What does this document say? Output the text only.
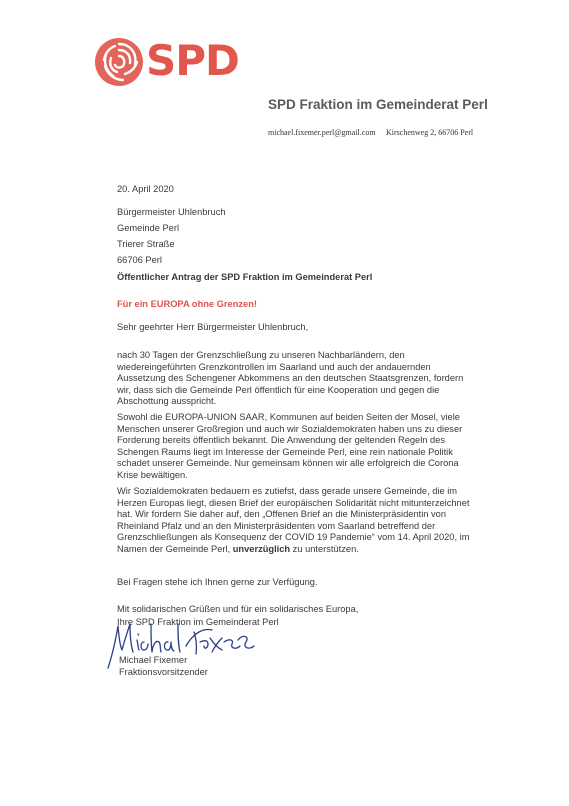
SPD
SPD Fraktion im Gemeinderat Perl
michael.fixemer.perl@gmail.com Kirschenweg 2, 66706 Perl
20. April 2020
Bürgermeister Uhlenbruch
Gemeinde Perl
Trierer Straße
66706 Perl
Öffentlicher Antrag der SPD Fraktion im Gemeinderat Perl
Für ein EUROPA ohne Grenzen!
Sehr geehrter Herr Bürgermeister Uhlenbruch,
nach 30 Tagen der Grenzschließung zu unseren Nachbarländern, den
wiedereingeführten Grenzkontrollen im Saarland und auch der andauernden
Aussetzung des Schengener Abkommens an den deutschen Staatsgrenzen, fordern
wir, dass sich die Gemeinde Perl öffentlich für eine Kooperation und gegen die
Abschottung ausspricht.
Sowohl die EUROPA-UNION SAAR, Kommunen auf beiden Seiten der Mosel, viele
Menschen unserer Großregion und auch wir Sozialdemokraten haben uns zu dieser
Forderung bereits öffentlich bekannt. Die Anwendung der geltenden Regeln des
Schengen Raums liegt im Interesse der Gemeinde Perl, eine rein nationale Politik
schadet unserer Gemeinde. Nur gemeinsam können wir alle erfolgreich die Corona
Krise bewältigen.
Wir Sozialdemokraten bedauern es zutiefst, dass gerade unsere Gemeinde, die im
Herzen Europas liegt, diesen Brief der europäischen Solidarität nicht mitunterzeichnet
hat. Wir fordern Sie daher auf, den „Offenen Brief an die Ministerpräsidentin von
Rheinland Pfalz und an den Ministerpräsidenten vom Saarland betreffend der
Grenzschließungen als Konsequenz der COVID 19 Pandemie“ vom 14. April 2020, im
Namen der Gemeinde Perl, unverzüglich zu unterstützen.
Bei Fragen stehe ich Ihnen gerne zur Verfügung.
Mit solidarischen Grüßen und für ein solidarisches Europa,
Ihre SPD Fraktion im Gemeinderat Perl
Michael Fixemer
Fraktionsvorsitzender
